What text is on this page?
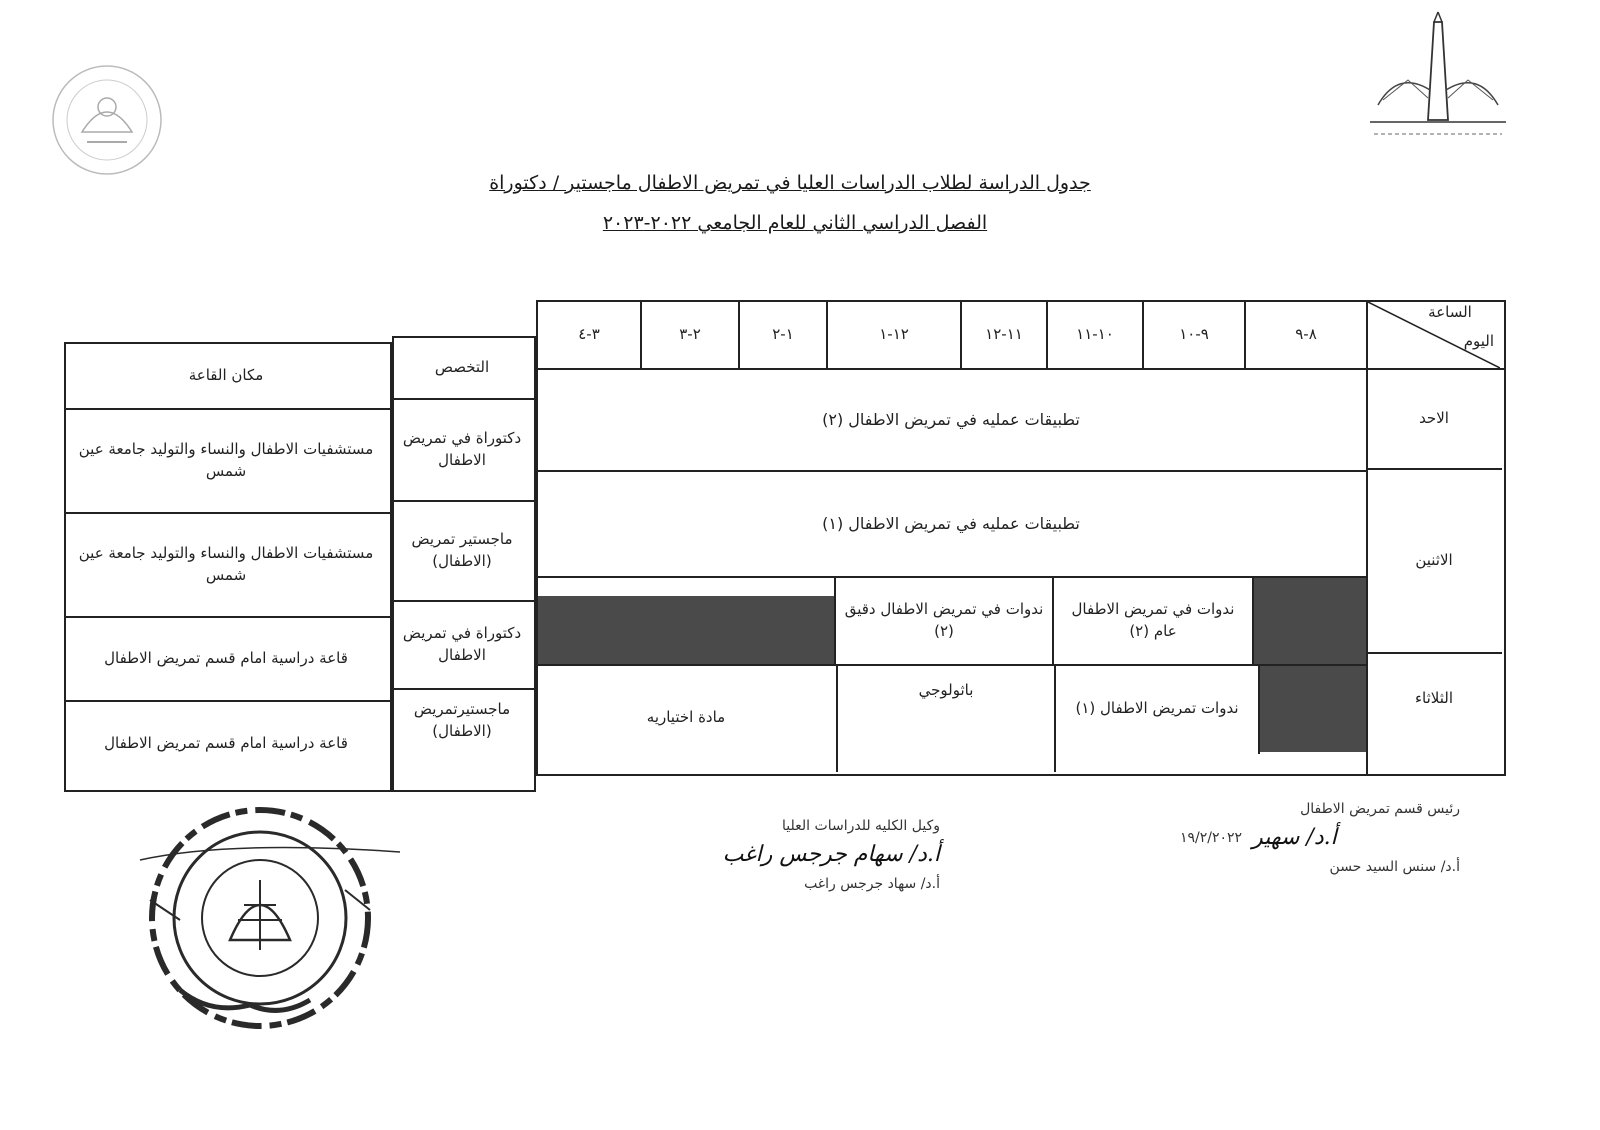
جدول الدراسة لطلاب الدراسات العليا في تمريض الاطفال ماجستير / دكتوراة
الفصل الدراسي الثاني للعام الجامعي ٢٠٢٢-٢٠٢٣
الساعة
اليوم
مكان القاعة	التخصص
٨-٩
٩-١٠
١٠-١١
١١-١٢
١٢-١
١-٢
٢-٣
٣-٤
الاحد
الاثنين
الثلاثاء
مستشفيات الاطفال والنساء والتوليد جامعة عين شمس
دكتوراة في تمريض الاطفال
تطبيقات عمليه في تمريض الاطفال (٢)
مستشفيات الاطفال والنساء والتوليد جامعة عين شمس
ماجستير تمريض (الاطفال)
تطبيقات عمليه في تمريض الاطفال (١)
قاعة دراسية امام قسم تمريض الاطفال
دكتوراة في تمريض الاطفال
ندوات في تمريض الاطفال عام (٢)
ندوات في تمريض الاطفال دقيق (٢)
قاعة دراسية امام قسم تمريض الاطفال
ماجستيرتمريض (الاطفال)
ندوات تمريض الاطفال (١)
باثولوجي
مادة اختياريه
وكيل الكليه للدراسات العليا
أ.د/ سهام جرجس راغب
أ.د/ سهاد جرجس راغب
رئيس قسم تمريض الاطفال
أ.د/ سهير
١٩/٢/٢٠٢٢
أ.د/ سنس السيد حسن
